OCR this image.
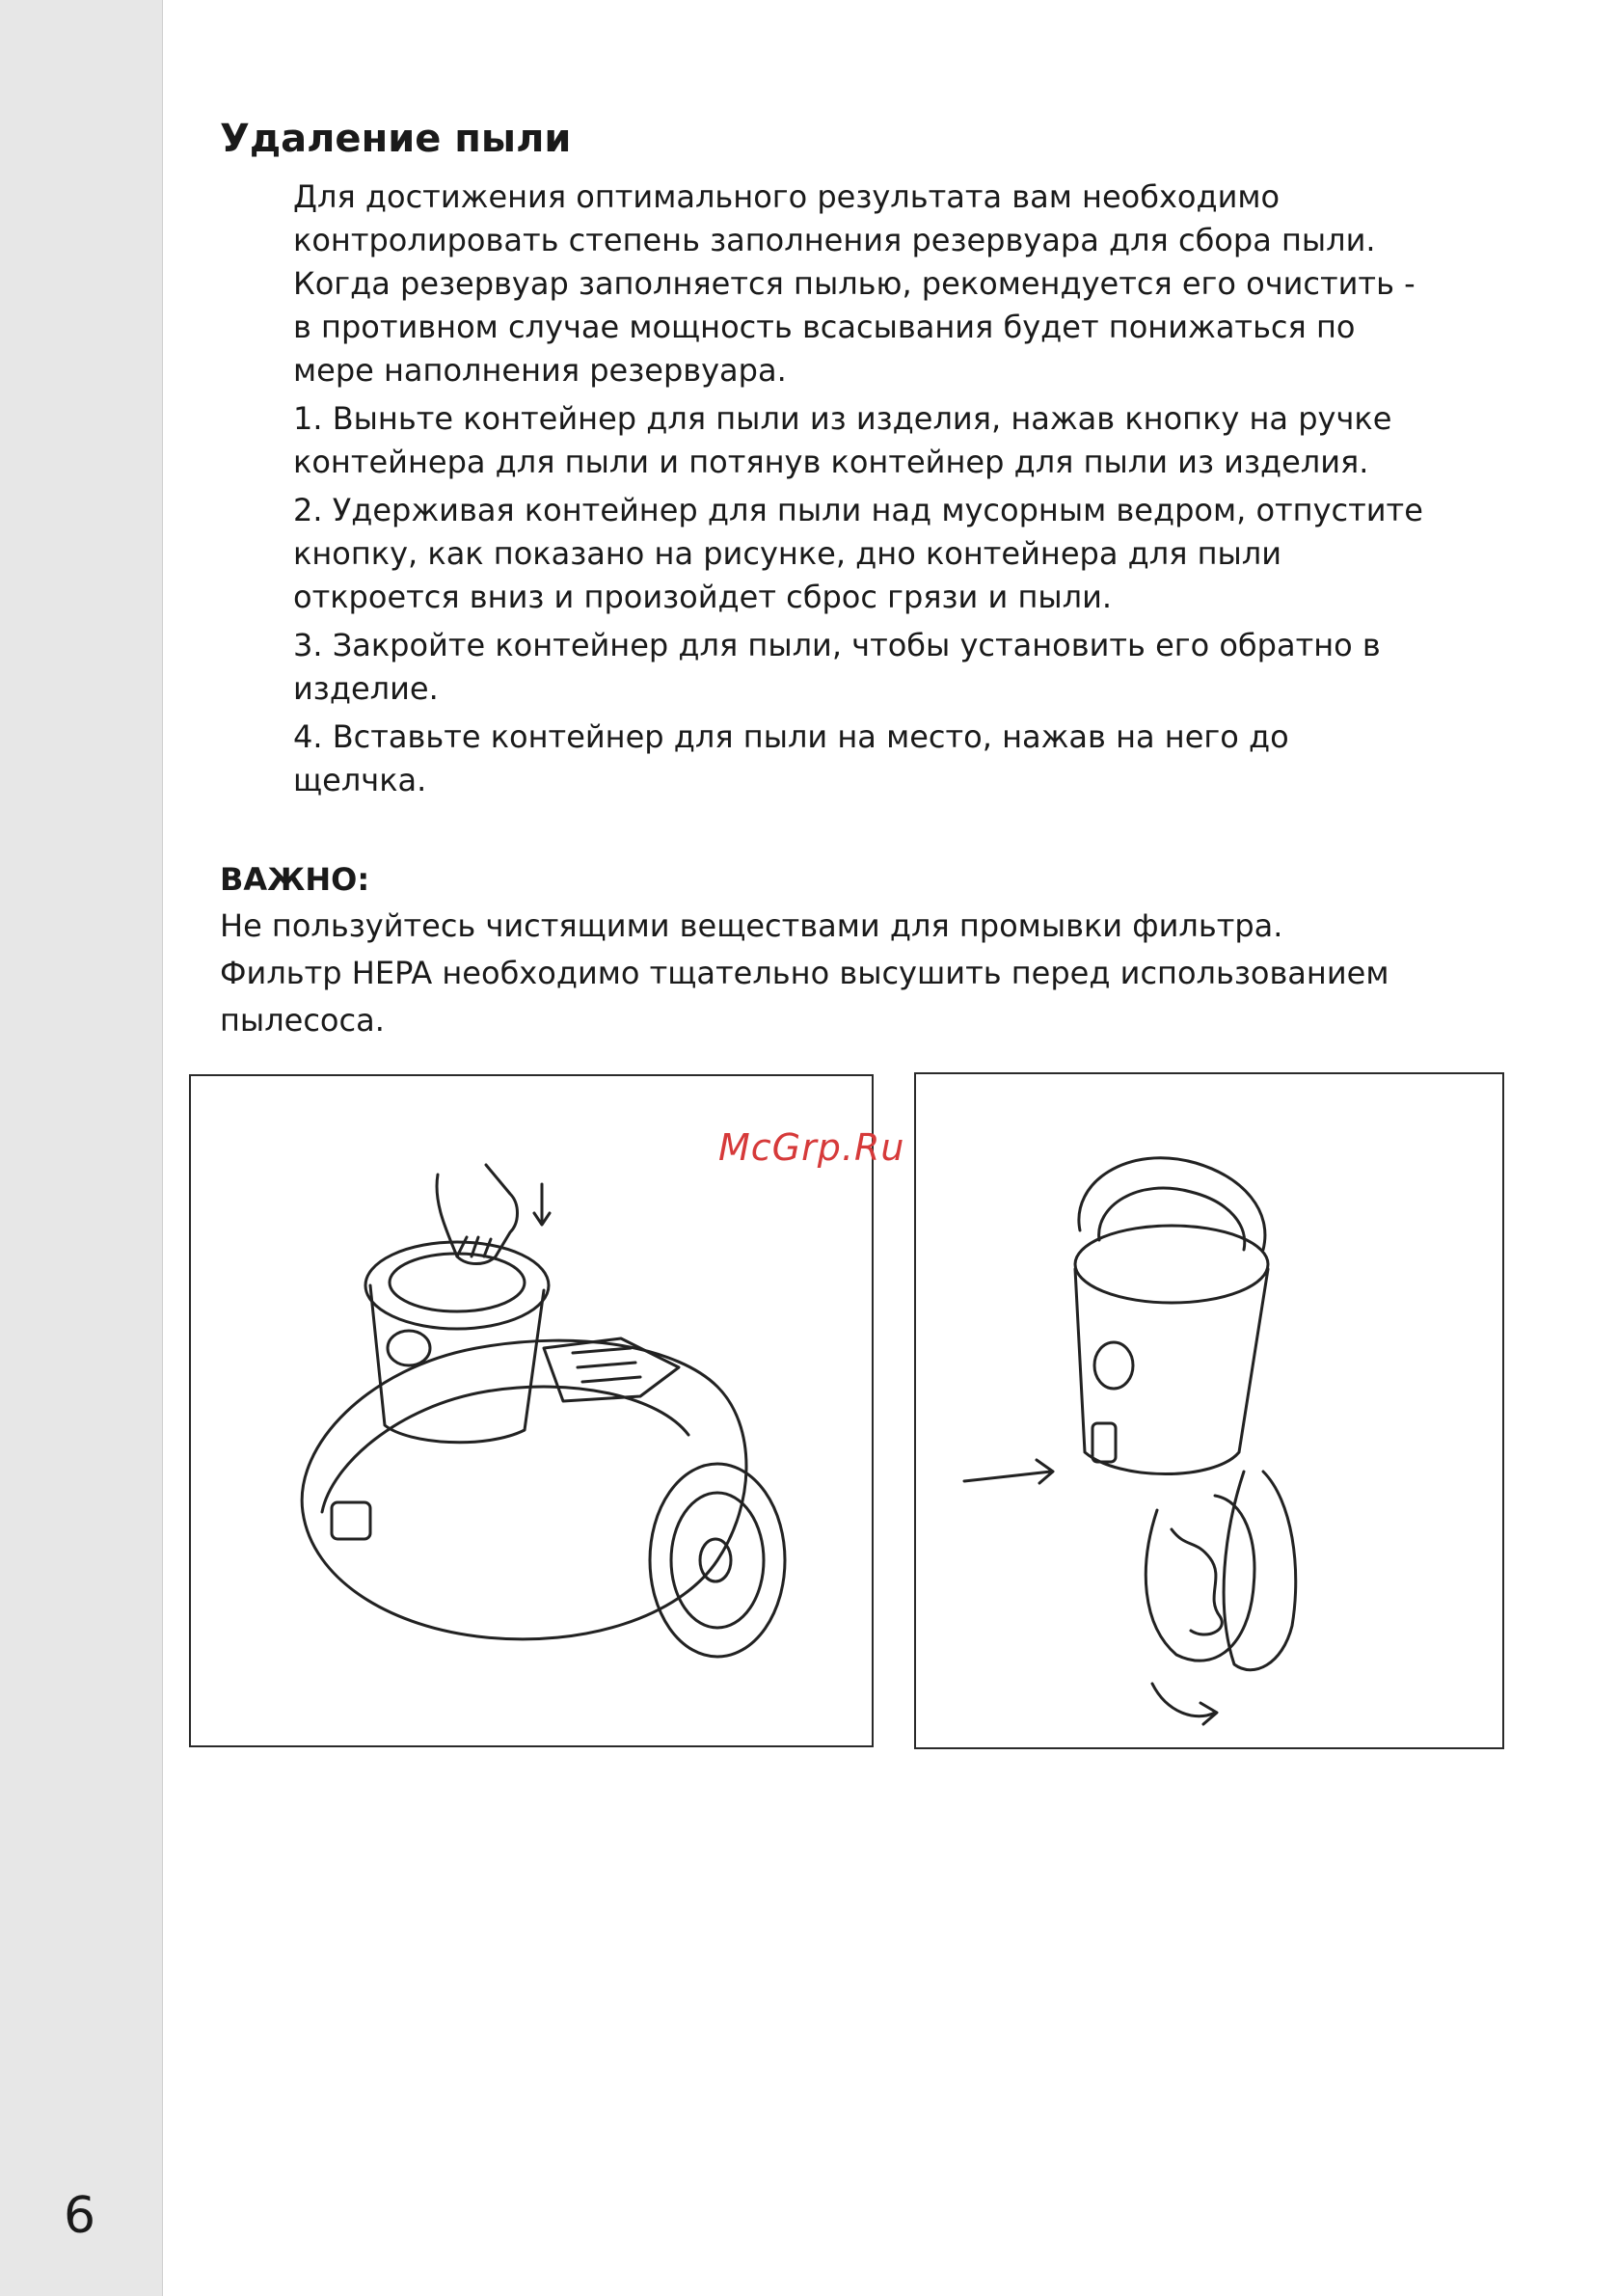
6
Удаление пыли

Для достижения оптимального результата вам необходимо контролировать степень заполнения резервуара для сбора пыли. Когда резервуар заполняется пылью, рекомендуется его очистить - в противном случае мощность всасывания будет понижаться по мере наполнения резервуара.

1. Выньте контейнер для пыли из изделия, нажав кнопку на ручке контейнера для пыли и потянув контейнер для пыли из изделия.

2. Удерживая контейнер для пыли над мусорным ведром, отпустите кнопку, как показано на рисунке, дно контейнера для пыли откроется вниз и произойдет сброс грязи и пыли.

3. Закройте контейнер для пыли, чтобы установить его обратно в изделие.

4. Вставьте контейнер для пыли на место, нажав на него до щелчка.

ВАЖНО:
Не пользуйтесь чистящими веществами для промывки фильтра.
Фильтр HEPA необходимо тщательно высушить перед использованием пылесоса.
McGrp.Ru
